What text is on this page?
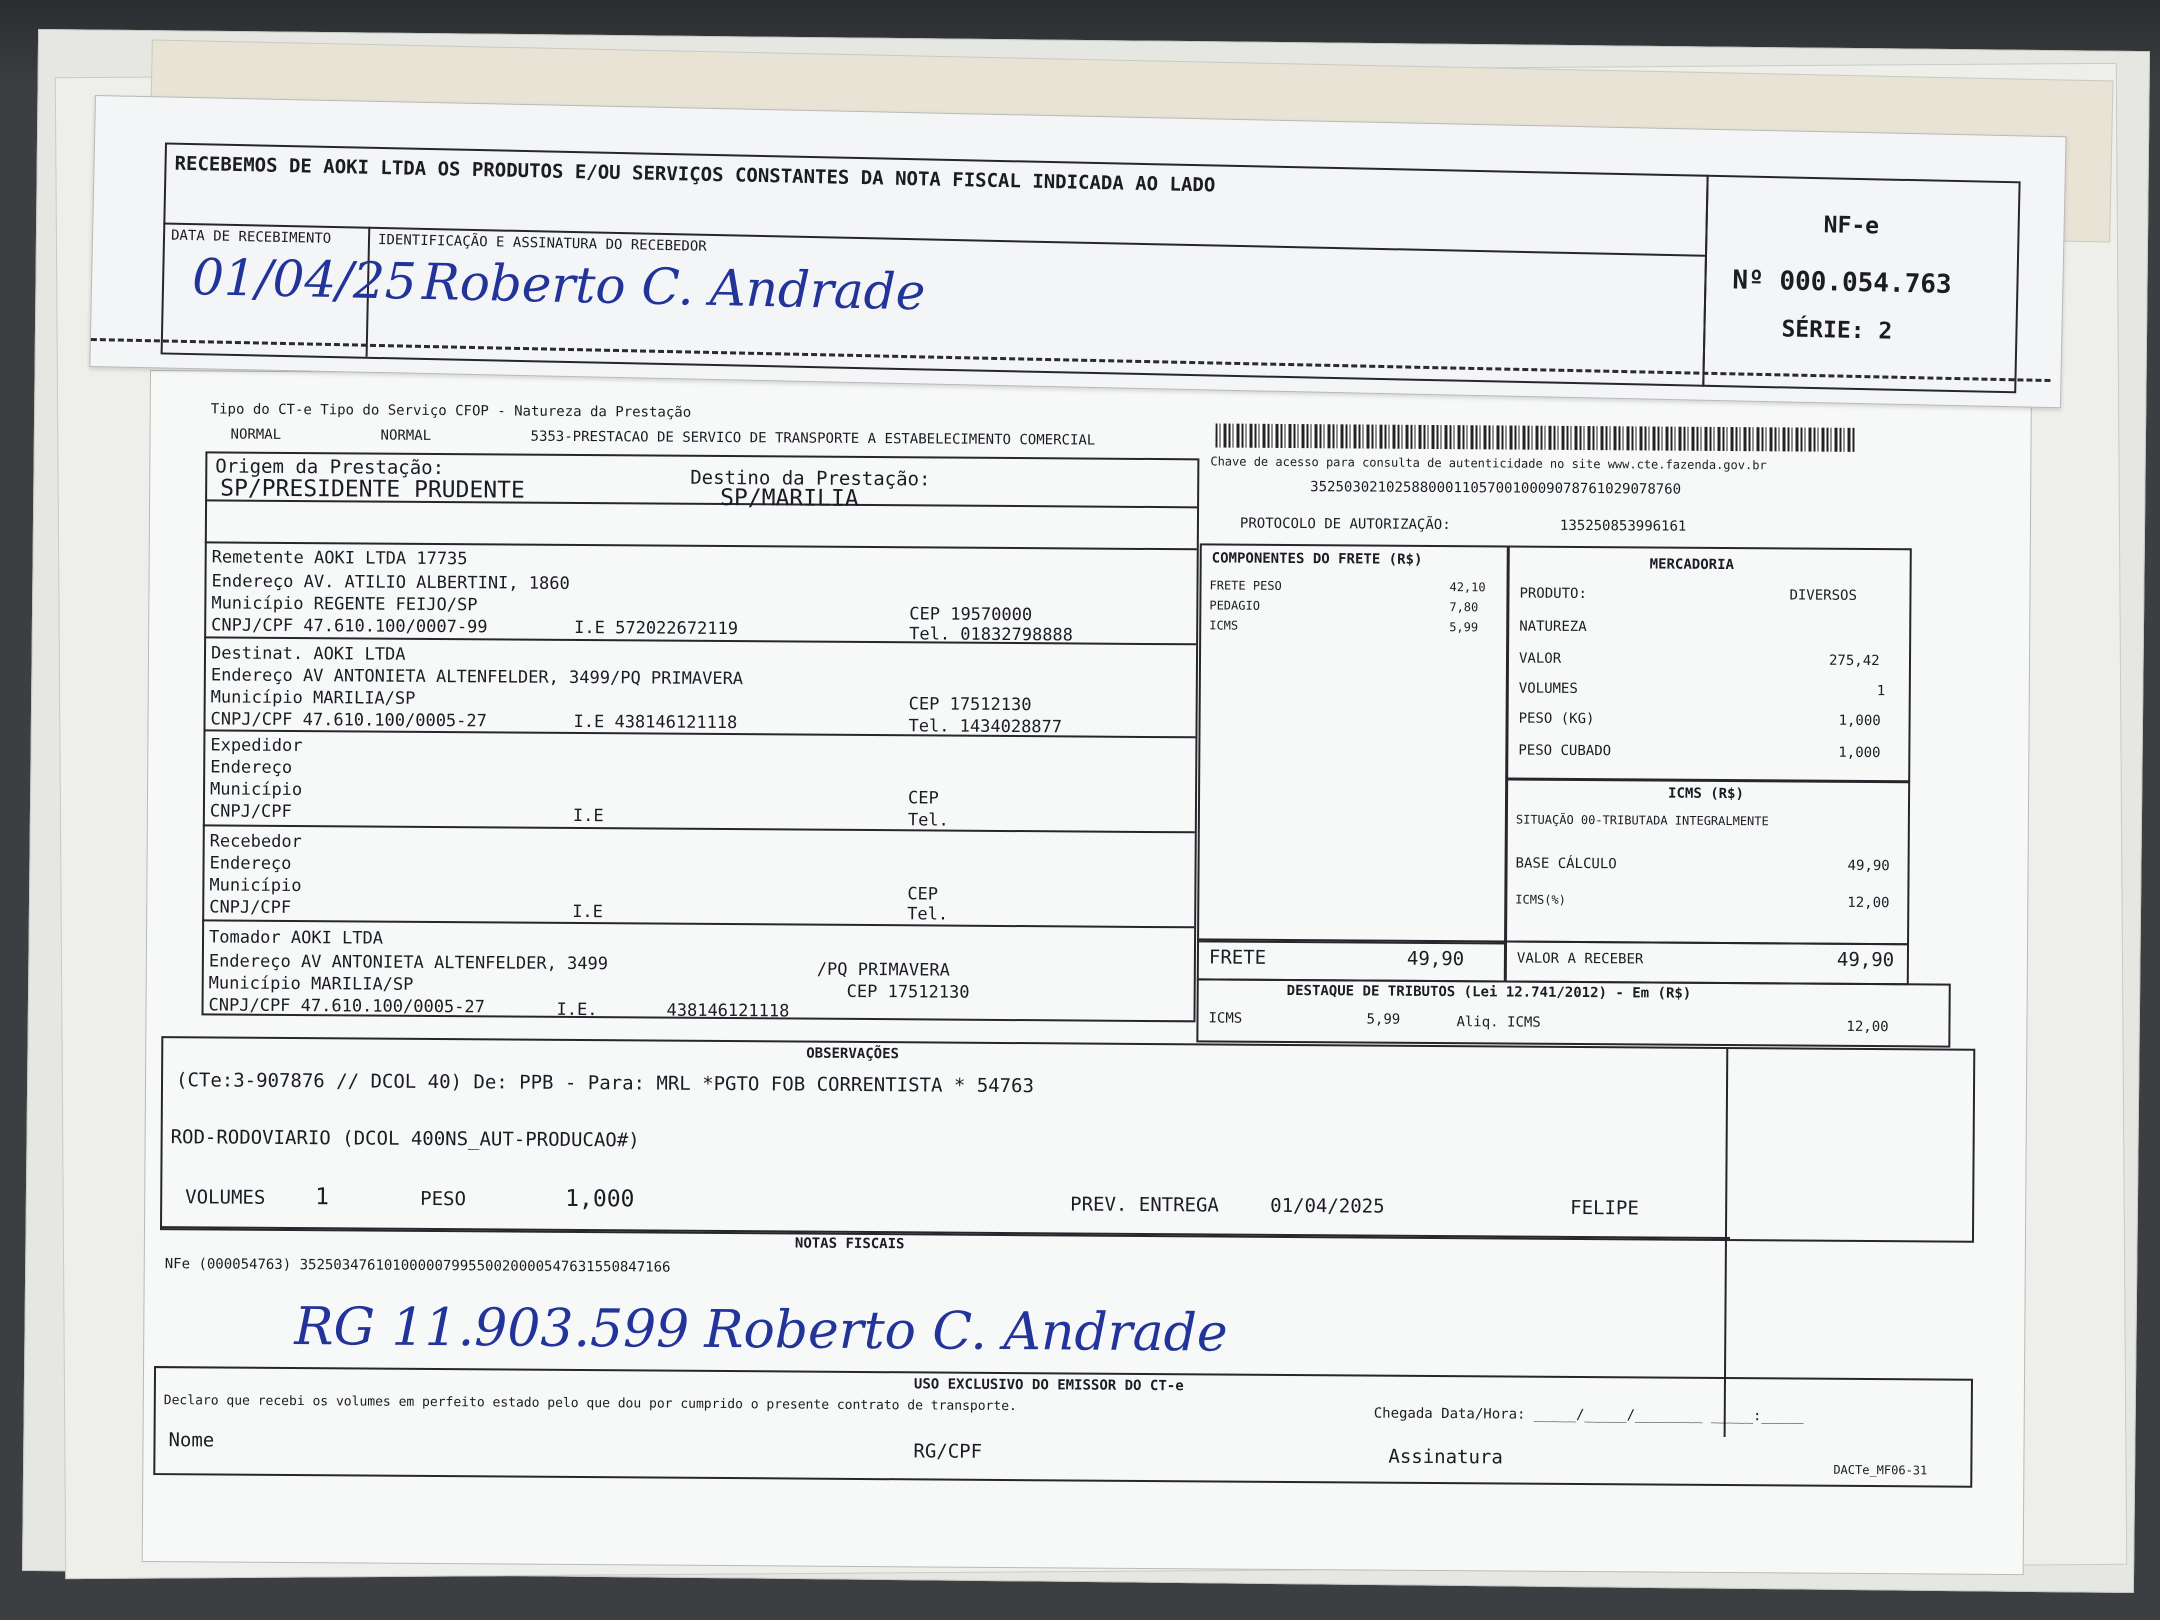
Tipo do CT-e Tipo do Serviço CFOP - Natureza da Prestação
NORMAL	NORMAL	5353-PRESTACAO DE SERVICO DE TRANSPORTE A ESTABELECIMENTO COMERCIAL
Chave de acesso para consulta de autenticidade no site www.cte.fazenda.gov.br
35250302102588000110570010009078761029078760
PROTOCOLO DE AUTORIZAÇÃO:	135250853996161
Origem da Prestação:
SP/PRESIDENTE PRUDENTE	Destino da Prestação:
SP/MARILIA
Remetente AOKI LTDA 17735
Endereço AV. ATILIO ALBERTINI, 1860
Município REGENTE FEIJO/SP
CNPJ/CPF 47.610.100/0007-99	I.E 572022672119
CEP 19570000
Tel. 01832798888
Destinat. AOKI LTDA
Endereço AV ANTONIETA ALTENFELDER, 3499/PQ PRIMAVERA
Município MARILIA/SP
CNPJ/CPF 47.610.100/0005-27	I.E 438146121118
CEP 17512130
Tel. 1434028877
Expedidor
Endereço
Município
CNPJ/CPF	I.E
CEP
Tel.
Recebedor
Endereço
Município
CNPJ/CPF	I.E
CEP
Tel.
Tomador AOKI LTDA
Endereço AV ANTONIETA ALTENFELDER, 3499	/PQ PRIMAVERA
Município MARILIA/SP	CEP 17512130
CNPJ/CPF 47.610.100/0005-27	I.E.	438146121118
COMPONENTES DO FRETE (R$)
FRETE PESO	42,10
PEDAGIO	7,80
ICMS	5,99
FRETE	49,90
MERCADORIA
PRODUTO:	DIVERSOS
NATUREZA
VALOR	275,42
VOLUMES	1
PESO (KG)	1,000
PESO CUBADO	1,000
ICMS (R$)
SITUAÇÃO 00-TRIBUTADA INTEGRALMENTE
BASE CÁLCULO	49,90
ICMS(%)	12,00
VALOR A RECEBER	49,90
DESTAQUE DE TRIBUTOS (Lei 12.741/2012) - Em (R$)
ICMS	5,99	Aliq. ICMS	12,00
OBSERVAÇÕES
(CTe:3-907876 // DCOL 40) De: PPB - Para: MRL *PGTO FOB CORRENTISTA * 54763
ROD-RODOVIARIO (DCOL 400NS_AUT-PRODUCAO#)
VOLUMES 1	PESO	1,000	PREV. ENTREGA	01/04/2025	FELIPE
NOTAS FISCAIS
NFe (000054763) 35250347610100000799550020000547631550847166
RG 11.903.599 Roberto C. Andrade
USO EXCLUSIVO DO EMISSOR DO CT-e
Declaro que recebi os volumes em perfeito estado pelo que dou por cumprido o presente contrato de transporte.
Chegada Data/Hora: _____/_____/________ _____:_____
Nome
RG/CPF	Assinatura
DACTe_MF06-31
RECEBEMOS DE AOKI LTDA OS PRODUTOS E/OU SERVIÇOS CONSTANTES DA NOTA FISCAL INDICADA AO LADO
DATA DE RECEBIMENTO
01/04/25
IDENTIFICAÇÃO E ASSINATURA DO RECEBEDOR
Roberto C. Andrade
NF-e
Nº 000.054.763
SÉRIE: 2
